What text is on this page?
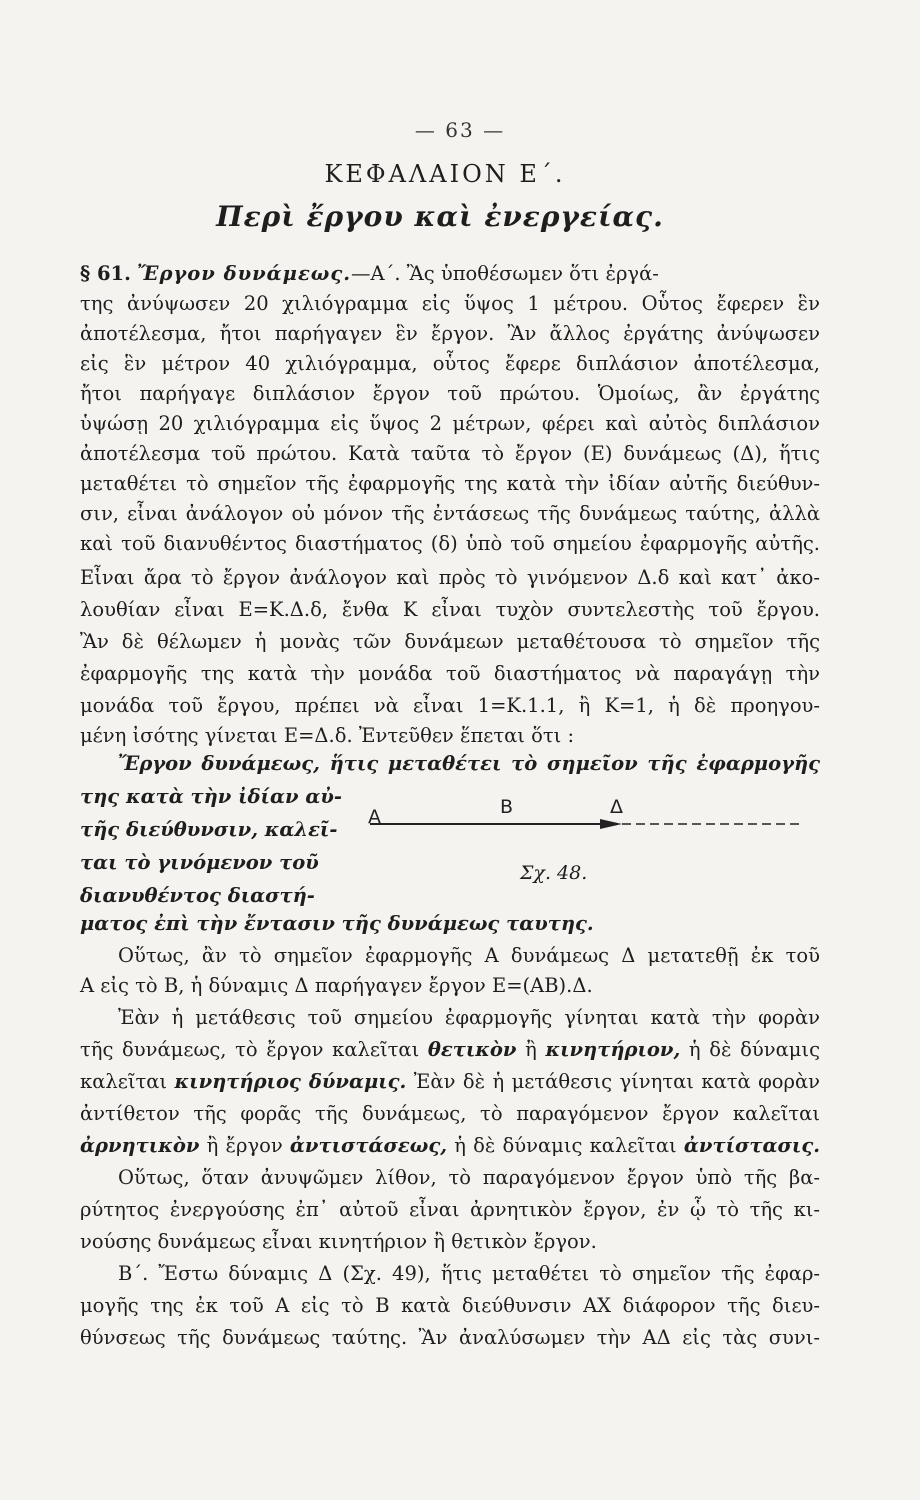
— 63 —
ΚΕΦΑΛΑΙΟΝ Ε΄.
Περὶ ἔργου καὶ ἐνεργείας.
§ 61. Ἔργον δυνάμεως.—Α΄. Ἂς ὑποθέσωμεν ὅτι ἐργά-
της ἀνύψωσεν 20 χιλιόγραμμα εἰς ὕψος 1 μέτρου. Οὗτος ἔφερεν ἓν
ἀποτέλεσμα, ἤτοι παρήγαγεν ἓν ἔργον. Ἂν ἄλλος ἐργάτης ἀνύψωσεν
εἰς ἓν μέτρον 40 χιλιόγραμμα, οὗτος ἔφερε διπλάσιον ἀποτέλεσμα,
ἤτοι παρήγαγε διπλάσιον ἔργον τοῦ πρώτου. Ὁμοίως, ἂν ἐργάτης
ὑψώσῃ 20 χιλιόγραμμα εἰς ὕψος 2 μέτρων, φέρει καὶ αὐτὸς διπλάσιον
ἀποτέλεσμα τοῦ πρώτου. Κατὰ ταῦτα τὸ ἔργον (Ε) δυνάμεως (Δ), ἥτις
μεταθέτει τὸ σημεῖον τῆς ἐφαρμογῆς της κατὰ τὴν ἰδίαν αὐτῆς διεύθυν-
σιν, εἶναι ἀνάλογον οὐ μόνον τῆς ἐντάσεως τῆς δυνάμεως ταύτης, ἀλλὰ
καὶ τοῦ διανυθέντος διαστήματος (δ) ὑπὸ τοῦ σημείου ἐφαρμογῆς αὐτῆς.
Εἶναι ἄρα τὸ ἔργον ἀνάλογον καὶ πρὸς τὸ γινόμενον Δ.δ καὶ κατ᾿ ἀκο-
λουθίαν εἶναι Ε=Κ.Δ.δ, ἔνθα Κ εἶναι τυχὸν συντελεστὴς τοῦ ἔργου.
Ἂν δὲ θέλωμεν ἡ μονὰς τῶν δυνάμεων μεταθέτουσα τὸ σημεῖον τῆς
ἐφαρμογῆς της κατὰ τὴν μονάδα τοῦ διαστήματος νὰ παραγάγῃ τὴν
μονάδα τοῦ ἔργου, πρέπει νὰ εἶναι 1=Κ.1.1, ἢ Κ=1, ἡ δὲ προηγου-
μένη ἰσότης γίνεται Ε=Δ.δ. Ἐντεῦθεν ἕπεται ὅτι :
Ἔργον δυνάμεως, ἥτις μεταθέτει τὸ σημεῖον τῆς ἐφαρμογῆς
της κατὰ τὴν ἰδίαν αὐ-
τῆς διεύθυνσιν, καλεῖ-
ται τὸ γινόμενον τοῦ
διανυθέντος διαστή-
ματος ἐπὶ τὴν ἔντασιν τῆς δυνάμεως ταυτης.
Α	Β	Δ
Σχ. 48.
Οὕτως, ἂν τὸ σημεῖον ἐφαρμογῆς Α δυνάμεως Δ μετατεθῇ ἐκ τοῦ
Α εἰς τὸ Β, ἡ δύναμις Δ παρήγαγεν ἔργον Ε=(ΑΒ).Δ.
Ἐὰν ἡ μετάθεσις τοῦ σημείου ἐφαρμογῆς γίνηται κατὰ τὴν φορὰν
τῆς δυνάμεως, τὸ ἔργον καλεῖται θετικὸν ἢ κινητήριον, ἡ δὲ δύναμις
καλεῖται κινητήριος δύναμις. Ἐὰν δὲ ἡ μετάθεσις γίνηται κατὰ φορὰν
ἀντίθετον τῆς φορᾶς τῆς δυνάμεως, τὸ παραγόμενον ἔργον καλεῖται
ἀρνητικὸν ἢ ἔργον ἀντιστάσεως, ἡ δὲ δύναμις καλεῖται ἀντίστασις.
Οὕτως, ὅταν ἀνυψῶμεν λίθον, τὸ παραγόμενον ἔργον ὑπὸ τῆς βα-
ρύτητος ἐνεργούσης ἐπ᾿ αὐτοῦ εἶναι ἀρνητικὸν ἔργον, ἐν ᾧ τὸ τῆς κι-
νούσης δυνάμεως εἶναι κινητήριον ἢ θετικὸν ἔργον.
Β΄. Ἔστω δύναμις Δ (Σχ. 49), ἥτις μεταθέτει τὸ σημεῖον τῆς ἐφαρ-
μογῆς της ἐκ τοῦ Α εἰς τὸ Β κατὰ διεύθυνσιν ΑΧ διάφορον τῆς διευ-
θύνσεως τῆς δυνάμεως ταύτης. Ἂν ἀναλύσωμεν τὴν ΑΔ εἰς τὰς συνι-
